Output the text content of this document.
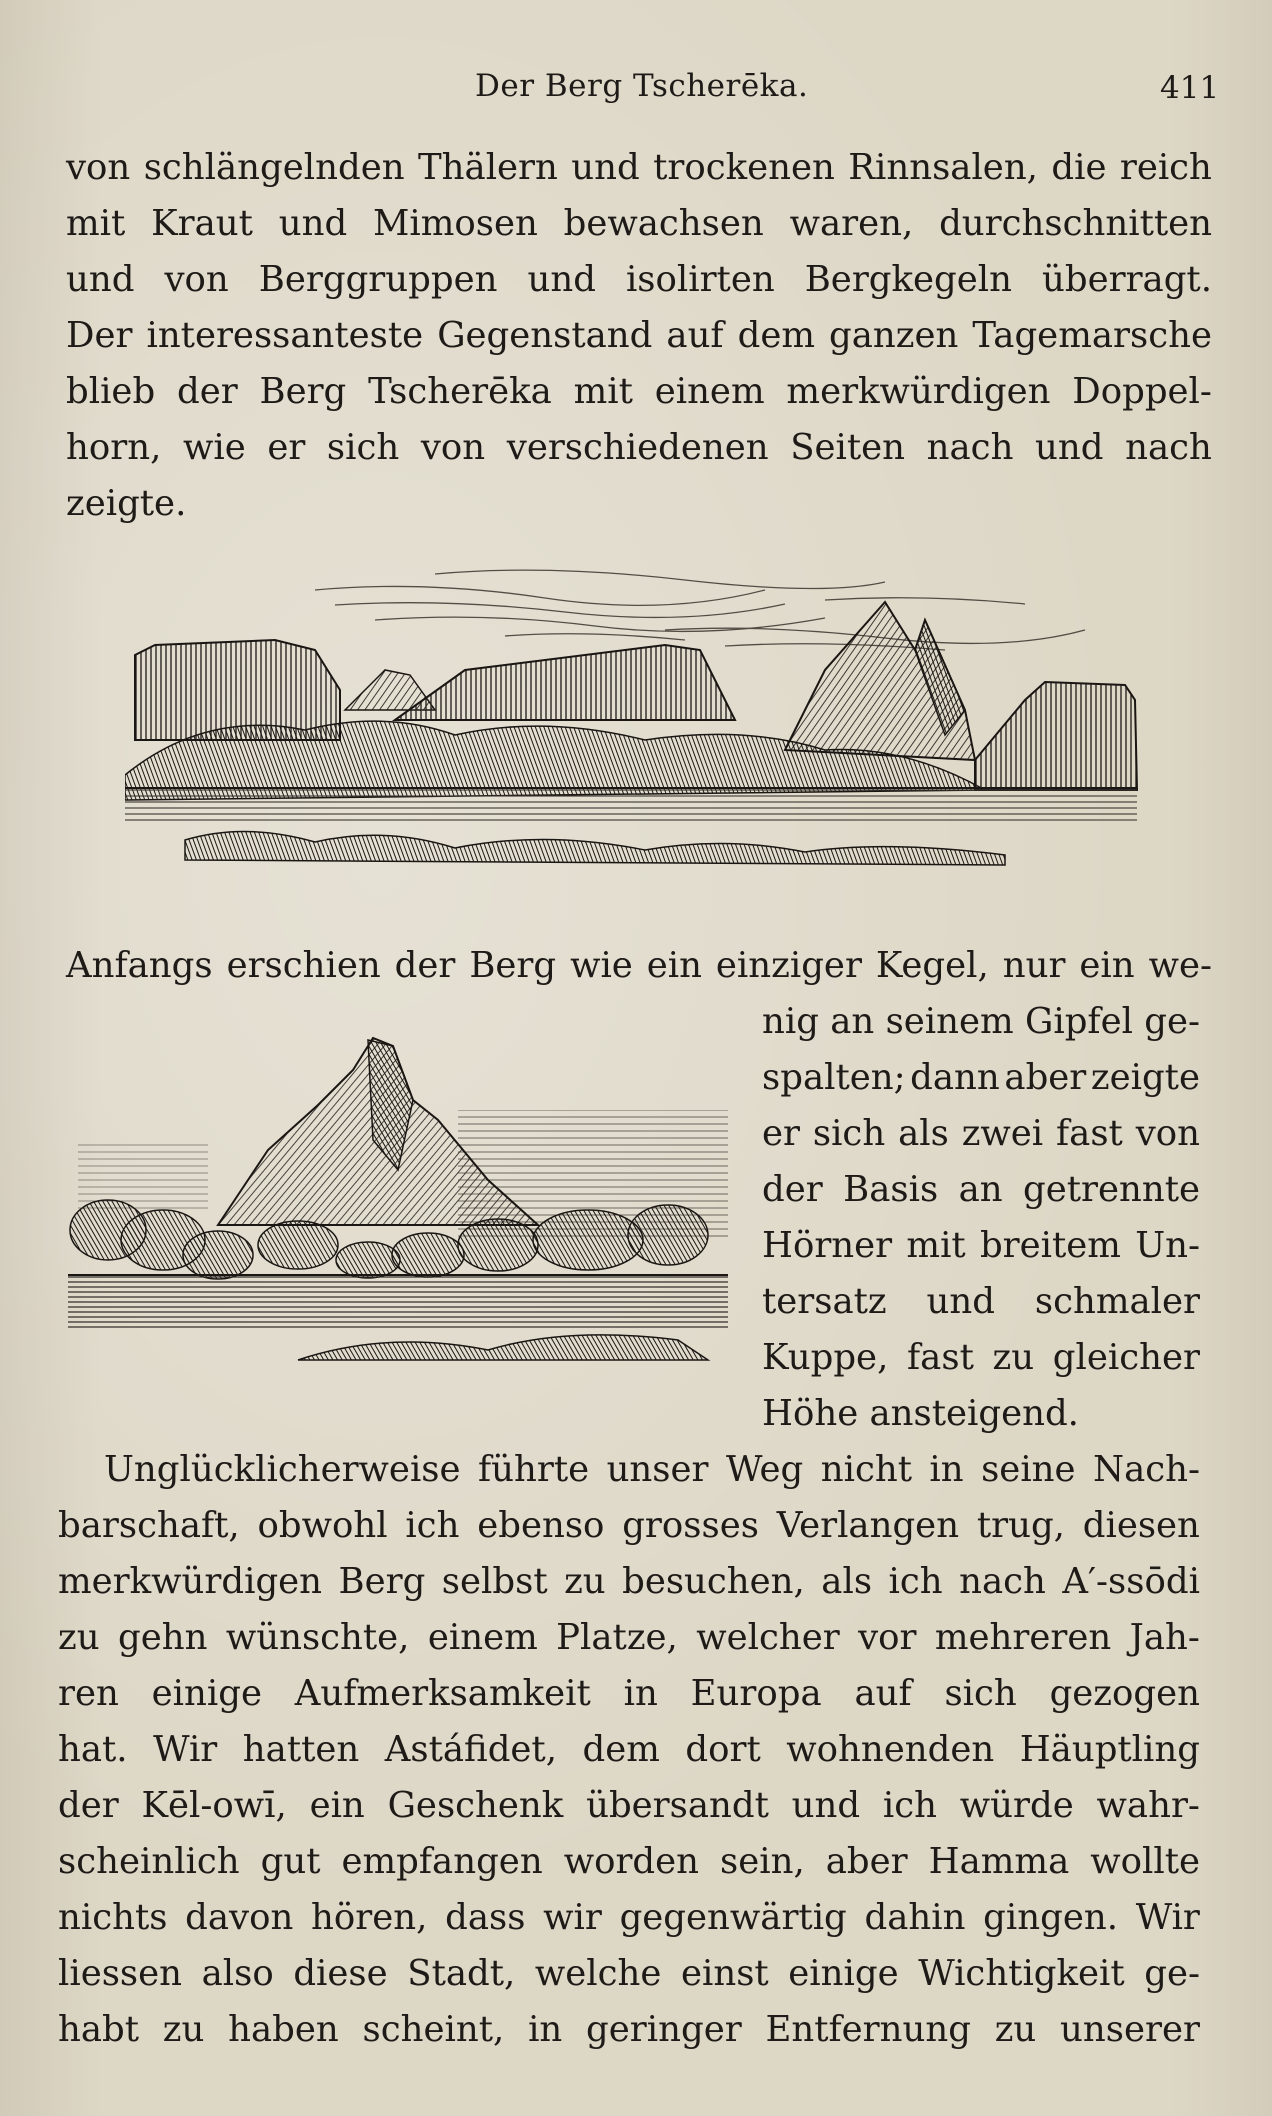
Der Berg Tscherēka.	411
von schlängelnden Thälern und trockenen Rinnsalen, die reich
mit Kraut und Mimosen bewachsen waren, durchschnitten
und von Berggruppen und isolirten Bergkegeln überragt.
Der interessanteste Gegenstand auf dem ganzen Tagemarsche
blieb der Berg Tscherēka mit einem merkwürdigen Doppel-
horn, wie er sich von verschiedenen Seiten nach und nach
zeigte.
Anfangs erschien der Berg wie ein einziger Kegel, nur ein we-
nig an seinem Gipfel ge-
spalten; dann aber zeigte
er sich als zwei fast von
der Basis an getrennte
Hörner mit breitem Un-
tersatz und schmaler
Kuppe, fast zu gleicher
Höhe ansteigend.
Unglücklicherweise führte unser Weg nicht in seine Nach-
barschaft, obwohl ich ebenso grosses Verlangen trug, diesen
merkwürdigen Berg selbst zu besuchen, als ich nach A′-ssōdi
zu gehn wünschte, einem Platze, welcher vor mehreren Jah-
ren einige Aufmerksamkeit in Europa auf sich gezogen
hat. Wir hatten Astáfidet, dem dort wohnenden Häuptling
der Kēl-owī, ein Geschenk übersandt und ich würde wahr-
scheinlich gut empfangen worden sein, aber Hamma wollte
nichts davon hören, dass wir gegenwärtig dahin gingen. Wir
liessen also diese Stadt, welche einst einige Wichtigkeit ge-
habt zu haben scheint, in geringer Entfernung zu unserer
